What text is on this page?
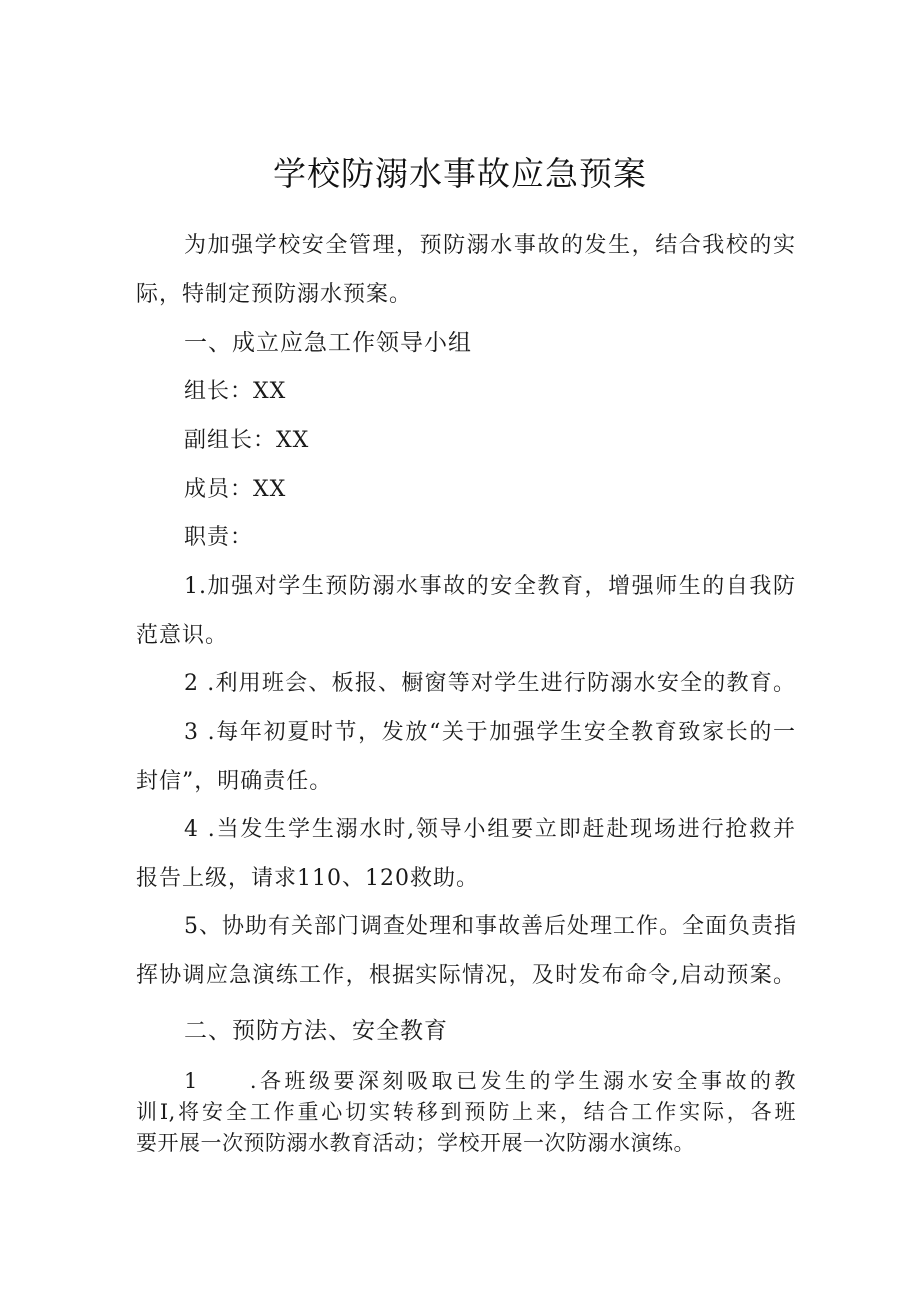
学校防溺水事故应急预案

为加强学校安全管理，预防溺水事故的发生，结合我校的实

际，特制定预防溺水预案。

一、成立应急工作领导小组

组长：XX

副组长：XX

成员：XX

职责：

1.加强对学生预防溺水事故的安全教育，增强师生的自我防

范意识。

2 .利用班会、板报、橱窗等对学生进行防溺水安全的教育。

3 .每年初夏时节，发放“关于加强学生安全教育致家长的一

封信”，明确责任。

4 .当发生学生溺水时,领导小组要立即赶赴现场进行抢救并

报告上级，请求110、120救助。

5、协助有关部门调查处理和事故善后处理工作。全面负责指

挥协调应急演练工作，根据实际情况，及时发布命令,启动预案。

二、预防方法、安全教育

1　　.各班级要深刻吸取已发生的学生溺水安全事故的教

训I,将安全工作重心切实转移到预防上来，结合工作实际，各班

要开展一次预防溺水教育活动；学校开展一次防溺水演练。
